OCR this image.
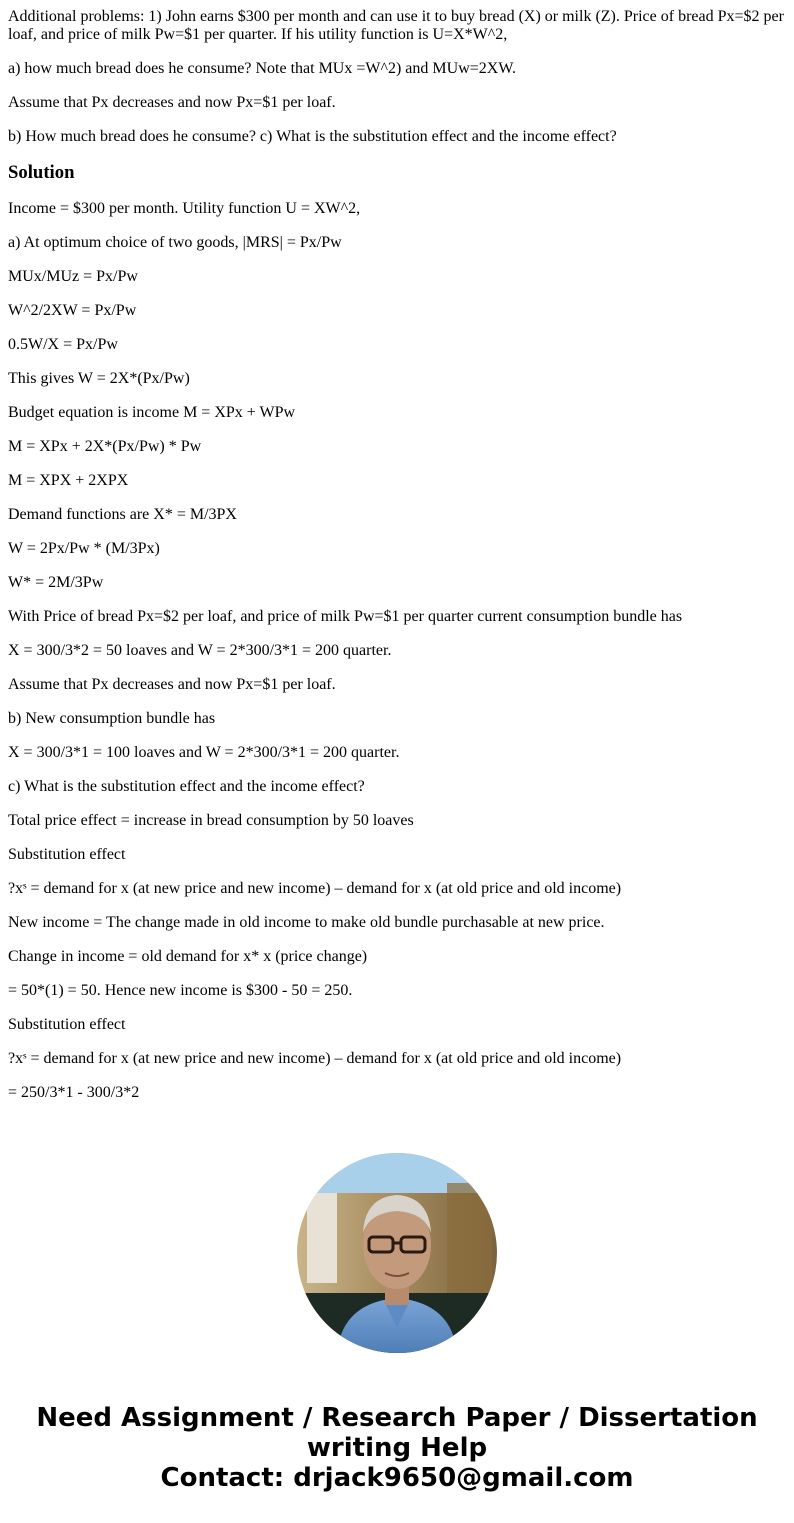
Additional problems: 1) John earns $300 per month and can use it to buy bread (X) or milk (Z). Price of bread Px=$2 per loaf, and price of milk Pw=$1 per quarter. If his utility function is U=X*W^2,

a) how much bread does he consume? Note that MUx =W^2) and MUw=2XW.

Assume that Px decreases and now Px=$1 per loaf.

b) How much bread does he consume? c) What is the substitution effect and the income effect?

Solution

Income = $300 per month. Utility function U = XW^2,

a) At optimum choice of two goods, |MRS| = Px/Pw

MUx/MUz = Px/Pw

W^2/2XW = Px/Pw

0.5W/X = Px/Pw

This gives W = 2X*(Px/Pw)

Budget equation is income M = XPx + WPw

M = XPx + 2X*(Px/Pw) * Pw

M = XPX + 2XPX

Demand functions are X* = M/3PX

W = 2Px/Pw * (M/3Px)

W* = 2M/3Pw

With Price of bread Px=$2 per loaf, and price of milk Pw=$1 per quarter current consumption bundle has

X = 300/3*2 = 50 loaves and W = 2*300/3*1 = 200 quarter.

Assume that Px decreases and now Px=$1 per loaf.

b) New consumption bundle has

X = 300/3*1 = 100 loaves and W = 2*300/3*1 = 200 quarter.

c) What is the substitution effect and the income effect?

Total price effect = increase in bread consumption by 50 loaves

Substitution effect

?xˢ = demand for x (at new price and new income) – demand for x (at old price and old income)

New income = The change made in old income to make old bundle purchasable at new price.

Change in income = old demand for x* x (price change)

= 50*(1) = 50. Hence new income is $300 - 50 = 250.

Substitution effect

?xˢ = demand for x (at new price and new income) – demand for x (at old price and old income)

= 250/3*1 - 300/3*2

Need Assignment / Research Paper / Dissertation
writing Help
Contact: drjack9650@gmail.com
